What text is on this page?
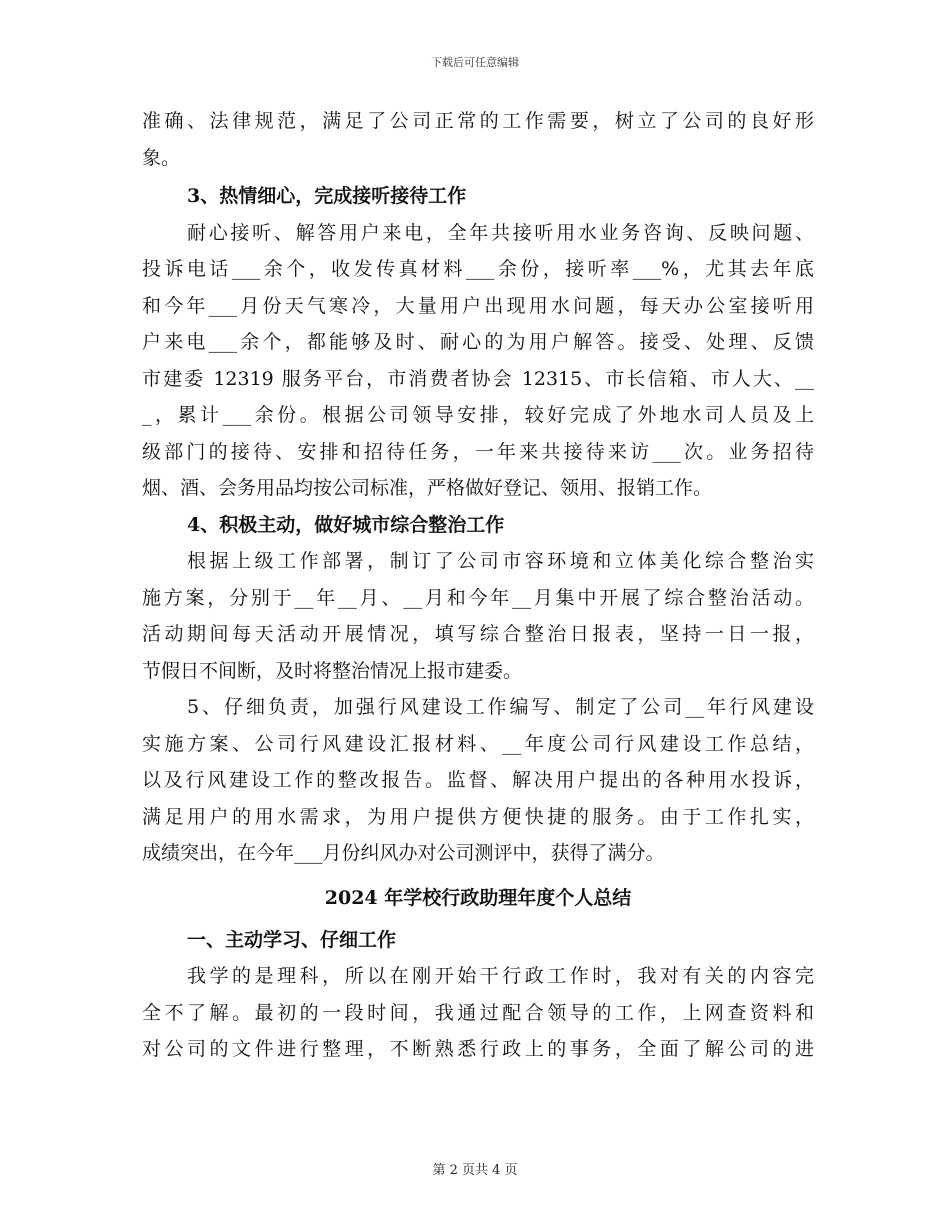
下载后可任意编辑
准确、法律规范，满足了公司正常的工作需要，树立了公司的良好形
象。
3、热情细心，完成接听接待工作
耐心接听、解答用户来电，全年共接听用水业务咨询、反映问题、
投诉电话___余个，收发传真材料___余份，接听率___%，尤其去年底
和今年___月份天气寒冷，大量用户出现用水问题，每天办公室接听用
户来电___余个，都能够及时、耐心的为用户解答。接受、处理、反馈
市建委 12319 服务平台，市消费者协会 12315、市长信箱、市人大、__
_，累计___余份。根据公司领导安排，较好完成了外地水司人员及上
级部门的接待、安排和招待任务，一年来共接待来访___次。业务招待
烟、酒、会务用品均按公司标准，严格做好登记、领用、报销工作。
4、积极主动，做好城市综合整治工作
根据上级工作部署，制订了公司市容环境和立体美化综合整治实
施方案，分别于__年__月、__月和今年__月集中开展了综合整治活动。
活动期间每天活动开展情况，填写综合整治日报表，坚持一日一报，
节假日不间断，及时将整治情况上报市建委。
5、仔细负责，加强行风建设工作编写、制定了公司__年行风建设
实施方案、公司行风建设汇报材料、__年度公司行风建设工作总结，
以及行风建设工作的整改报告。监督、解决用户提出的各种用水投诉，
满足用户的用水需求，为用户提供方便快捷的服务。由于工作扎实，
成绩突出，在今年___月份纠风办对公司测评中，获得了满分。
2024 年学校行政助理年度个人总结
一、主动学习、仔细工作
我学的是理科，所以在刚开始干行政工作时，我对有关的内容完
全不了解。最初的一段时间，我通过配合领导的工作，上网查资料和
对公司的文件进行整理，不断熟悉行政上的事务，全面了解公司的进
第 2 页共 4 页
